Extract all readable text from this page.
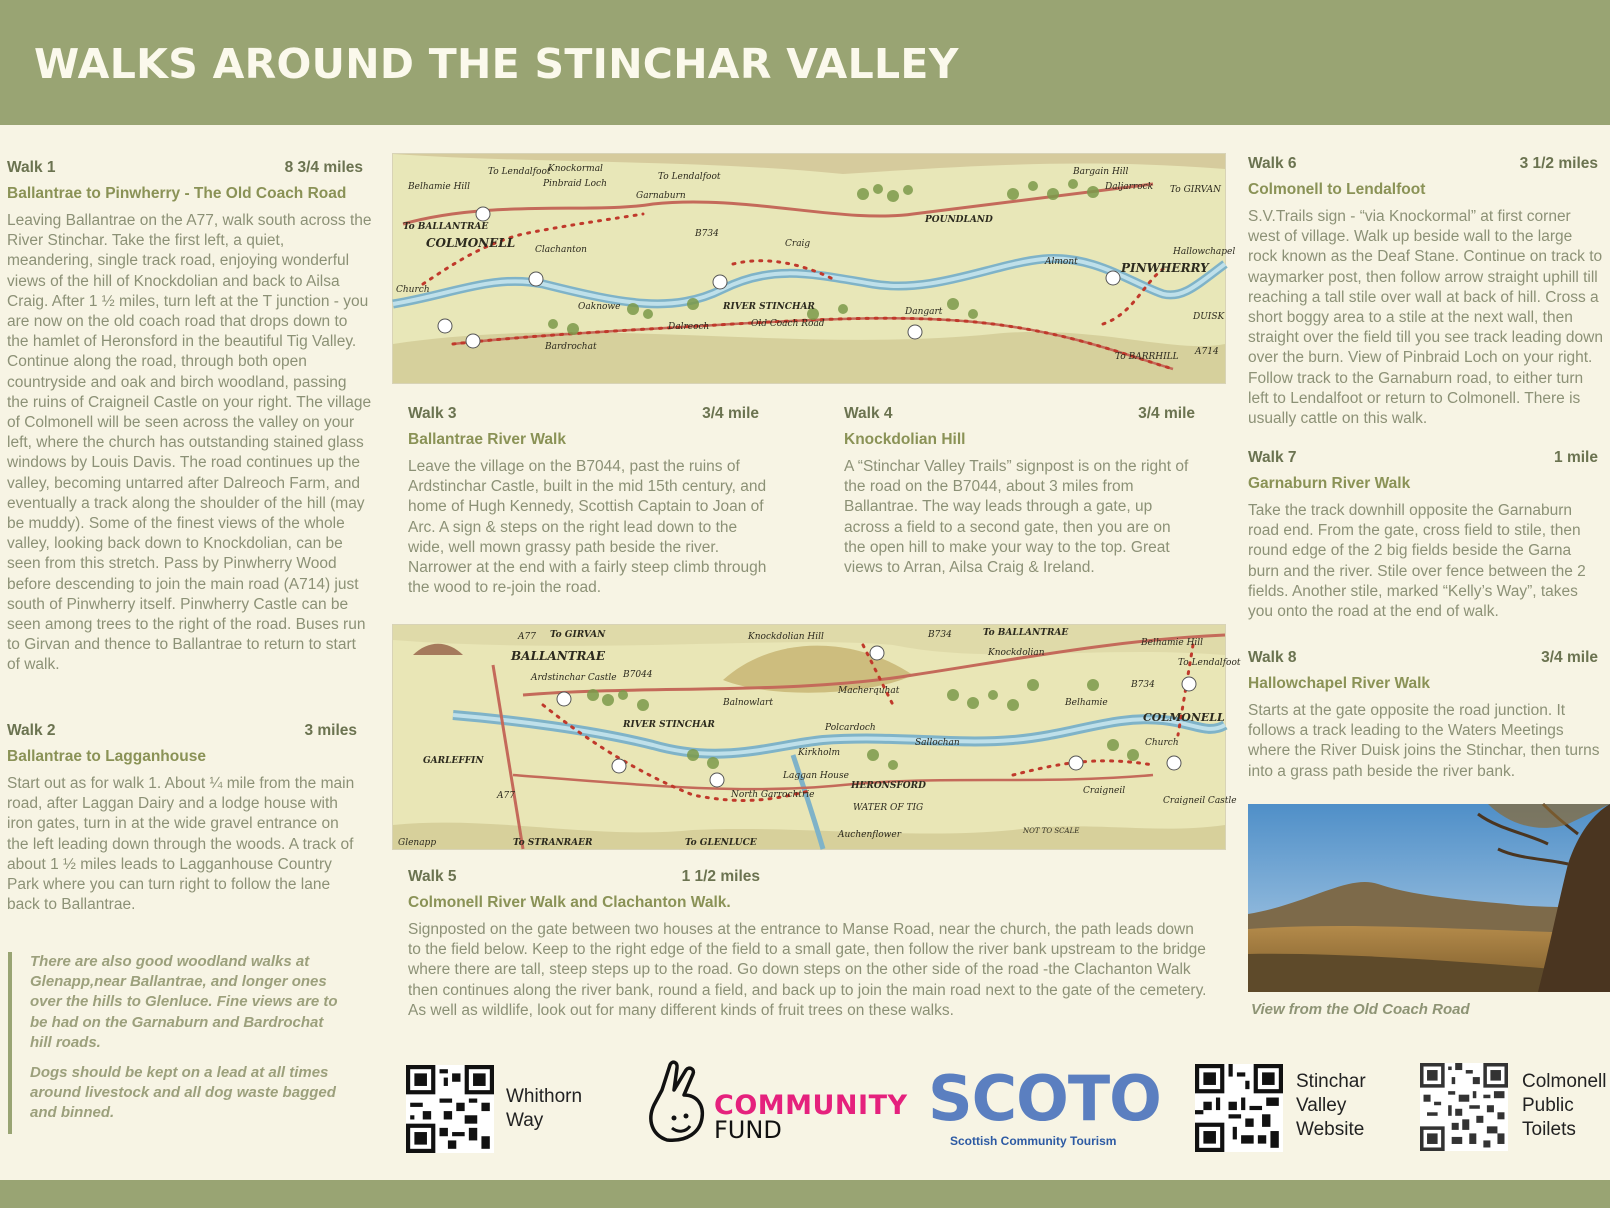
WALKS AROUND THE STINCHAR VALLEY
Walk 1	8 3/4 miles
Ballantrae to Pinwherry - The Old Coach Road
Leaving Ballantrae on the A77, walk south across the River Stinchar. Take the first left, a quiet, meandering, single track road, enjoying wonderful views of the hill of Knockdolian and back to Ailsa Craig. After 1 ½ miles, turn left at the T junction - you are now on the old coach road that drops down to the hamlet of Heronsford in the beautiful Tig Valley. Continue along the road, through both open countryside and oak and birch woodland, passing the ruins of Craigneil Castle on your right. The village of Colmonell will be seen across the valley on your left, where the church has outstanding stained glass windows by Louis Davis. The road continues up the valley, becoming untarred after Dalreoch Farm, and eventually a track along the shoulder of the hill (may be muddy). Some of the finest views of the whole valley, looking back down to Knockdolian, can be seen from this stretch. Pass by Pinwherry Wood before descending to join the main road (A714) just south of Pinwherry itself. Pinwherry Castle can be seen among trees to the right of the road. Buses run to Girvan and thence to Ballantrae to return to start of walk.
Walk 2	3 miles
Ballantrae to Lagganhouse
Start out as for walk 1. About ¼ mile from the main road, after Laggan Dairy and a lodge house with iron gates, turn in at the wide gravel entrance on the left leading down through the woods. A track of about 1 ½ miles leads to Lagganhouse Country Park where you can turn right to follow the lane back to Ballantrae.

There are also good woodland walks at Glenapp,near Ballantrae, and longer ones over the hills to Glenluce. Fine views are to be had on the Garnaburn and Bardrochat hill roads.

Dogs should be kept on a lead at all times around livestock and all dog waste bagged and binned.

Belhamie Hill
To Lendalfoot
Pinbraid Loch
Garnaburn
To Lendalfoot	Bargain Hill
Daljarrock To GIRVAN
To BALLANTRAE
COLMONELL Clachanton
B734
Craig
POUNDLAND
Hallowchapel
Almont	PINWHERRY
Church
Oaknowe	RIVER STINCHAR	Dangart
Dalreoch	Old Coach Road
Bardrochat
To BARRHILL A714
DUISK
Knockormal
Walk 3	3/4 mile
Ballantrae River Walk
Leave the village on the B7044, past the ruins of Ardstinchar Castle, built in the mid 15th century, and home of Hugh Kennedy, Scottish Captain to Joan of Arc. A sign & steps on the right lead down to the wide, well mown grassy path beside the river. Narrower at the end with a fairly steep climb through the wood to re-join the road.
Walk 4	3/4 mile
Knockdolian Hill
A “Stinchar Valley Trails” signpost is on the right of the road on the B7044, about 3 miles from Ballantrae. The way leads through a gate, up across a field to a second gate, then you are on the open hill to make your way to the top. Great views to Arran, Ailsa Craig & Ireland.
A77 To GIRVAN	To BALLANTRAE
B734
Knockdolian Hill
BALLANTRAE	Knockdolian
Belhamie Hill
To Lendalfoot
Ardstinchar Castle B7044
Balnowlart
Macherquhat
B734
RIVER STINCHAR	Polcardoch
Belhamie
COLMONELL
GARLEFFIN
Kirkholm
Sallochan	Church
North Garrochtrie
Laggan House
HERONSFORD
A77	Craigneil
Craigneil Castle
Glenapp	To STRANRAER	To GLENLUCE
Auchenflower
WATER OF TIG
NOT TO SCALE
Walk 5	1 1/2 miles
Colmonell River Walk and Clachanton Walk.
Signposted on the gate between two houses at the entrance to Manse Road, near the church, the path leads down to the field below. Keep to the right edge of the field to a small gate, then follow the river bank upstream to the bridge where there are tall, steep steps up to the road. Go down steps on the other side of the road -the Clachanton Walk then continues along the river bank, round a field, and back up to join the main road next to the gate of the cemetery. As well as wildlife, look out for many different kinds of fruit trees on these walks.
Walk 6	3 1/2 miles
Colmonell to Lendalfoot
S.V.Trails sign - “via Knockormal” at first corner west of village. Walk up beside wall to the large rock known as the Deaf Stane. Continue on track to waymarker post, then follow arrow straight uphill till reaching a tall stile over wall at back of hill. Cross a short boggy area to a stile at the next wall, then straight over the field till you see track leading down over the burn. View of Pinbraid Loch on your right. Follow track to the Garnaburn road, to either turn left to Lendalfoot or return to Colmonell. There is usually cattle on this walk.
Walk 7	1 mile
Garnaburn River Walk
Take the track downhill opposite the Garnaburn road end. From the gate, cross field to stile, then round edge of the 2 big fields beside the Garna burn and the river. Stile over fence between the 2 fields. Another stile, marked “Kelly’s Way”, takes you onto the road at the end of walk.
Walk 8	3/4 mile
Hallowchapel River Walk
Starts at the gate opposite the road junction. It follows a track leading to the Waters Meetings where the River Duisk joins the Stinchar, then turns into a grass path beside the river bank.
View from the Old Coach Road
Whithorn
Way	COMMUNITY
FUND SCOTO
Scottish Community Tourism
Stinchar
Valley
Website
Colmonell
Public
Toilets
